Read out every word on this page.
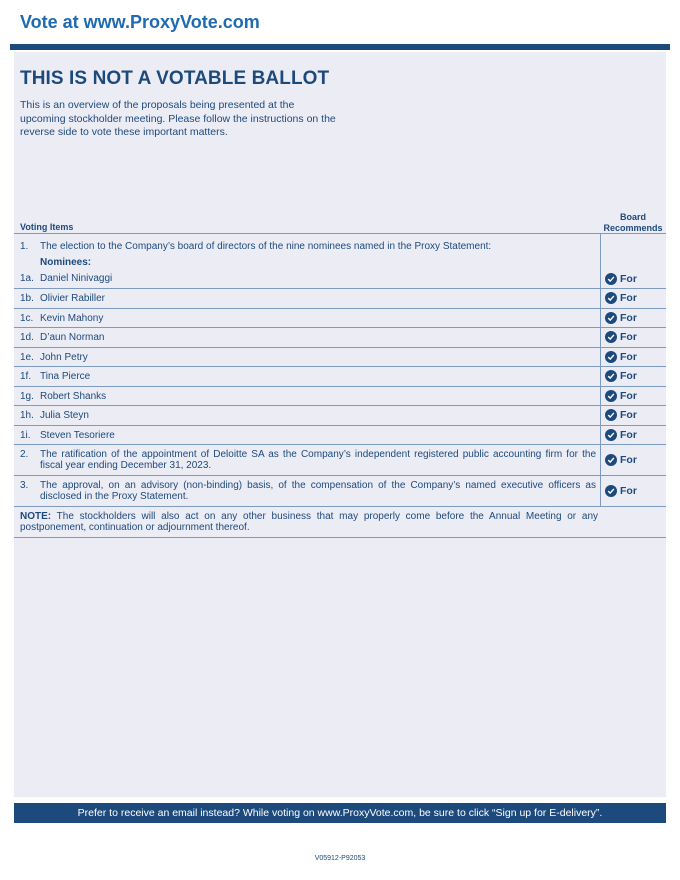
Vote at www.ProxyVote.com
THIS IS NOT A VOTABLE BALLOT
This is an overview of the proposals being presented at the upcoming stockholder meeting. Please follow the instructions on the reverse side to vote these important matters.
Voting Items
Board
Recommends
1. The election to the Company’s board of directors of the nine nominees named in the Proxy Statement:
Nominees:
1a. Daniel Ninivaggi	For
1b. Olivier Rabiller	For
1c. Kevin Mahony	For
1d. D’aun Norman	For
1e. John Petry	For
1f. Tina Pierce	For
1g. Robert Shanks	For
1h. Julia Steyn	For
1i. Steven Tesoriere	For
2. The ratification of the appointment of Deloitte SA as the Company’s independent registered public accounting firm for the fiscal year ending December 31, 2023.	For
3. The approval, on an advisory (non-binding) basis, of the compensation of the Company’s named executive officers as disclosed in the Proxy Statement.	For
NOTE: The stockholders will also act on any other business that may properly come before the Annual Meeting or any postponement, continuation or adjournment thereof.
Prefer to receive an email instead? While voting on www.ProxyVote.com, be sure to click “Sign up for E-delivery”.
V05912-P92053
